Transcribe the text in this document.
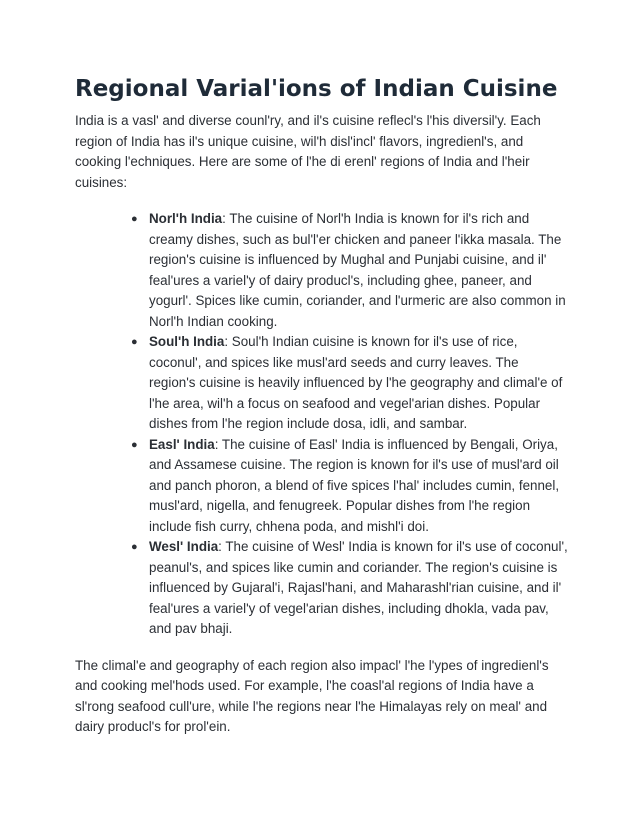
Regional Varial'ions of Indian Cuisine

India is a vasl' and diverse counl'ry, and il's cuisine reflecl's l'his diversil'y. Each region of India has il's unique cuisine, wil'h disl'incl' flavors, ingredienl's, and cooking l'echniques. Here are some of l'he di erenl' regions of India and l'heir cuisines:

● Norl'h India: The cuisine of Norl'h India is known for il's rich and creamy dishes, such as bul'l'er chicken and paneer l'ikka masala. The region's cuisine is influenced by Mughal and Punjabi cuisine, and il' feal'ures a variel'y of dairy producl's, including ghee, paneer, and yogurl'. Spices like cumin, coriander, and l'urmeric are also common in Norl'h Indian cooking.
● Soul'h India: Soul'h Indian cuisine is known for il's use of rice, coconul', and spices like musl'ard seeds and curry leaves. The region's cuisine is heavily influenced by l'he geography and climal'e of l'he area, wil'h a focus on seafood and vegel'arian dishes. Popular dishes from l'he region include dosa, idli, and sambar.
● Easl' India: The cuisine of Easl' India is influenced by Bengali, Oriya, and Assamese cuisine. The region is known for il's use of musl'ard oil and panch phoron, a blend of five spices l'hal' includes cumin, fennel, musl'ard, nigella, and fenugreek. Popular dishes from l'he region include fish curry, chhena poda, and mishl'i doi.
● Wesl' India: The cuisine of Wesl' India is known for il's use of coconul', peanul's, and spices like cumin and coriander. The region's cuisine is influenced by Gujaral'i, Rajasl'hani, and Maharashl'rian cuisine, and il' feal'ures a variel'y of vegel'arian dishes, including dhokla, vada pav, and pav bhaji.

The climal'e and geography of each region also impacl' l'he l'ypes of ingredienl's and cooking mel'hods used. For example, l'he coasl'al regions of India have a sl'rong seafood cull'ure, while l'he regions near l'he Himalayas rely on meal' and dairy producl's for prol'ein.
